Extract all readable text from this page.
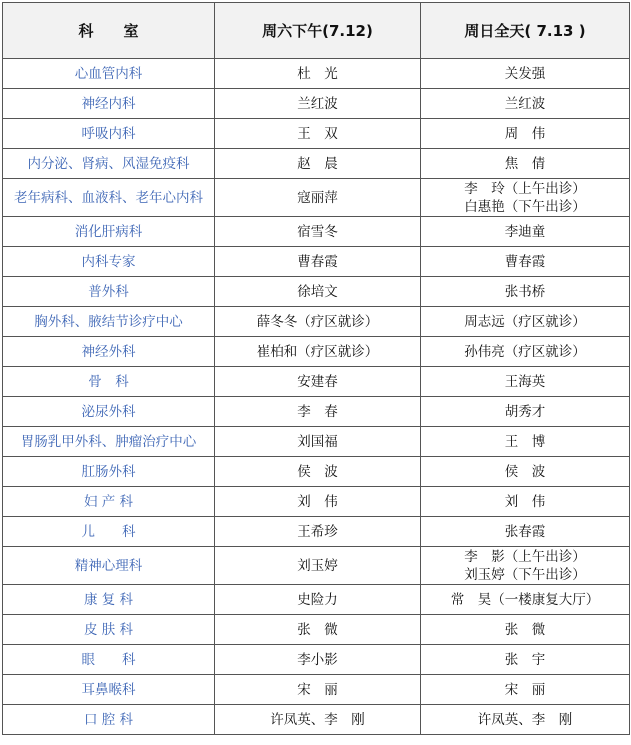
科　　室	周六下午(7.12)	周日全天( 7.13 )
心血管内科	杜　光	关发强

神经内科	兰红波	兰红波

呼吸内科	王　双	周　伟

内分泌、肾病、风湿免疫科	赵　晨	焦　倩

老年病科、血液科、老年心内科	寇丽萍	李　玲（上午出诊）
白惠艳（下午出诊）

消化肝病科	宿雪冬	李迪童

内科专家	曹春霞	曹春霞

普外科	徐培文	张书桥

胸外科、腋结节诊疗中心	薛冬冬（疗区就诊）	周志远（疗区就诊）

神经外科	崔柏和（疗区就诊）	孙伟亮（疗区就诊）

骨　科	安建春	王海英

泌尿外科	李　春	胡秀才

胃肠乳甲外科、肿瘤治疗中心	刘国福	王　博

肛肠外科	侯　波	侯　波

妇 产 科	刘　伟	刘　伟

儿　　科	王希珍	张春霞

精神心理科	刘玉婷	李　影（上午出诊）
刘玉婷（下午出诊）

康 复 科	史险力	常　昊（一楼康复大厅）

皮 肤 科	张　微	张　微

眼　　科	李小影	张　宇

耳鼻喉科	宋　丽	宋　丽

口 腔 科	许凤英、李　刚	许凤英、李　刚
